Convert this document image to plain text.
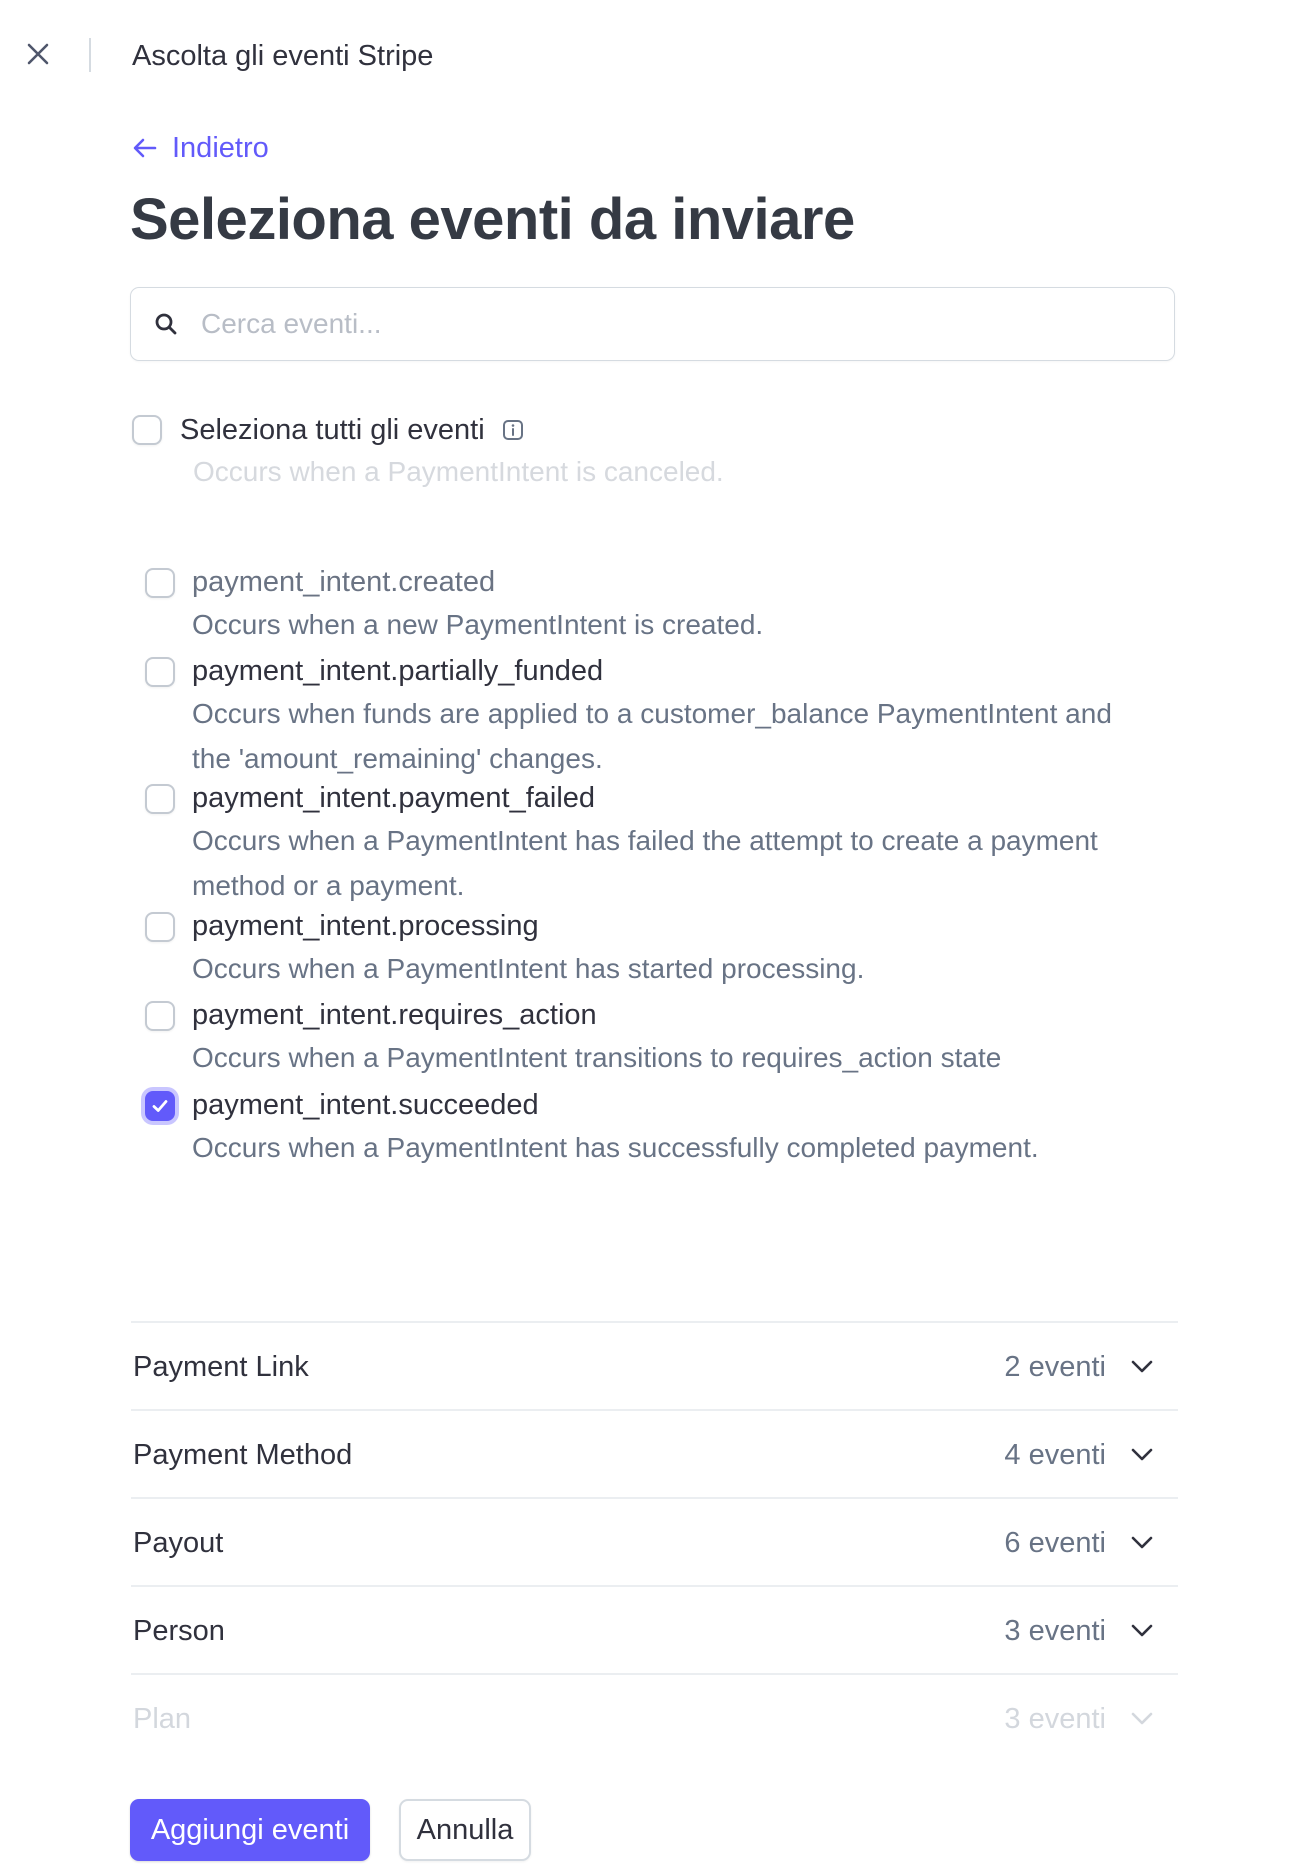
Ascolta gli eventi Stripe
Indietro
Seleziona eventi da inviare
Cerca eventi...
Seleziona tutti gli eventi
Occurs when a PaymentIntent is canceled.
payment_intent.created
Occurs when a new PaymentIntent is created.
payment_intent.partially_funded
Occurs when funds are applied to a customer_balance PaymentIntent and the 'amount_remaining' changes.
payment_intent.payment_failed
Occurs when a PaymentIntent has failed the attempt to create a payment method or a payment.
payment_intent.processing
Occurs when a PaymentIntent has started processing.
payment_intent.requires_action
Occurs when a PaymentIntent transitions to requires_action state
payment_intent.succeeded
Occurs when a PaymentIntent has successfully completed payment.
Payment Link	2 eventi
Payment Method	4 eventi
Payout	6 eventi
Person	3 eventi
Plan	3 eventi
Aggiungi eventi	Annulla
